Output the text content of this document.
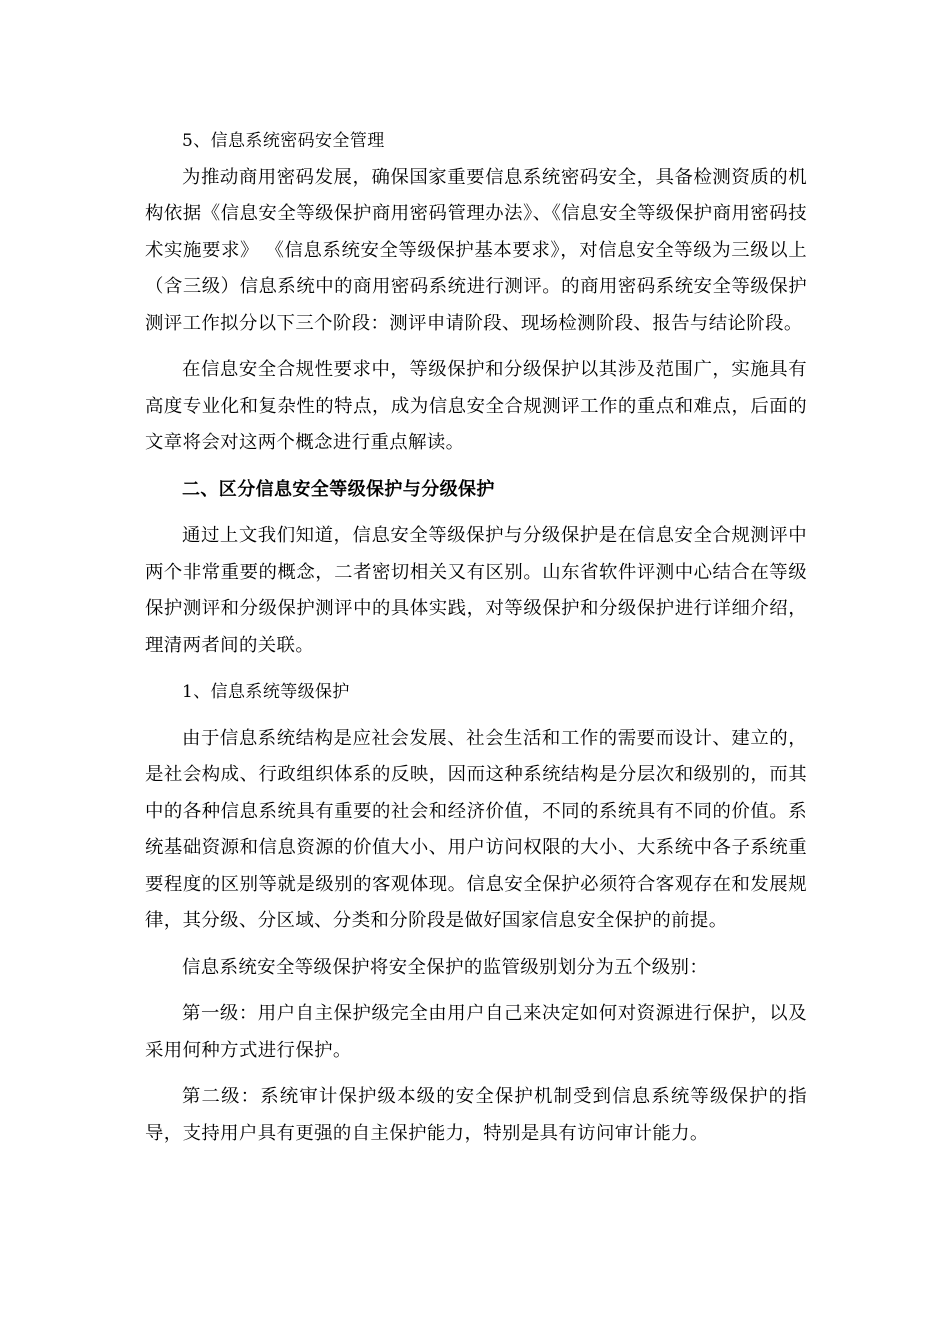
5、信息系统密码安全管理

为推动商用密码发展，确保国家重要信息系统密码安全，具备检测资质的机构依据《信息安全等级保护商用密码管理办法》、《信息安全等级保护商用密码技术实施要求》 《信息系统安全等级保护基本要求》，对信息安全等级为三级以上（含三级）信息系统中的商用密码系统进行测评。的商用密码系统安全等级保护测评工作拟分以下三个阶段：测评申请阶段、现场检测阶段、报告与结论阶段。

在信息安全合规性要求中，等级保护和分级保护以其涉及范围广，实施具有高度专业化和复杂性的特点，成为信息安全合规测评工作的重点和难点，后面的文章将会对这两个概念进行重点解读。

二、区分信息安全等级保护与分级保护

通过上文我们知道，信息安全等级保护与分级保护是在信息安全合规测评中两个非常重要的概念，二者密切相关又有区别。山东省软件评测中心结合在等级保护测评和分级保护测评中的具体实践，对等级保护和分级保护进行详细介绍，理清两者间的关联。

1、信息系统等级保护

由于信息系统结构是应社会发展、社会生活和工作的需要而设计、建立的，是社会构成、行政组织体系的反映，因而这种系统结构是分层次和级别的，而其中的各种信息系统具有重要的社会和经济价值，不同的系统具有不同的价值。系统基础资源和信息资源的价值大小、用户访问权限的大小、大系统中各子系统重要程度的区别等就是级别的客观体现。信息安全保护必须符合客观存在和发展规律，其分级、分区域、分类和分阶段是做好国家信息安全保护的前提。

信息系统安全等级保护将安全保护的监管级别划分为五个级别：

第一级：用户自主保护级完全由用户自己来决定如何对资源进行保护，以及采用何种方式进行保护。

第二级：系统审计保护级本级的安全保护机制受到信息系统等级保护的指导，支持用户具有更强的自主保护能力，特别是具有访问审计能力。
